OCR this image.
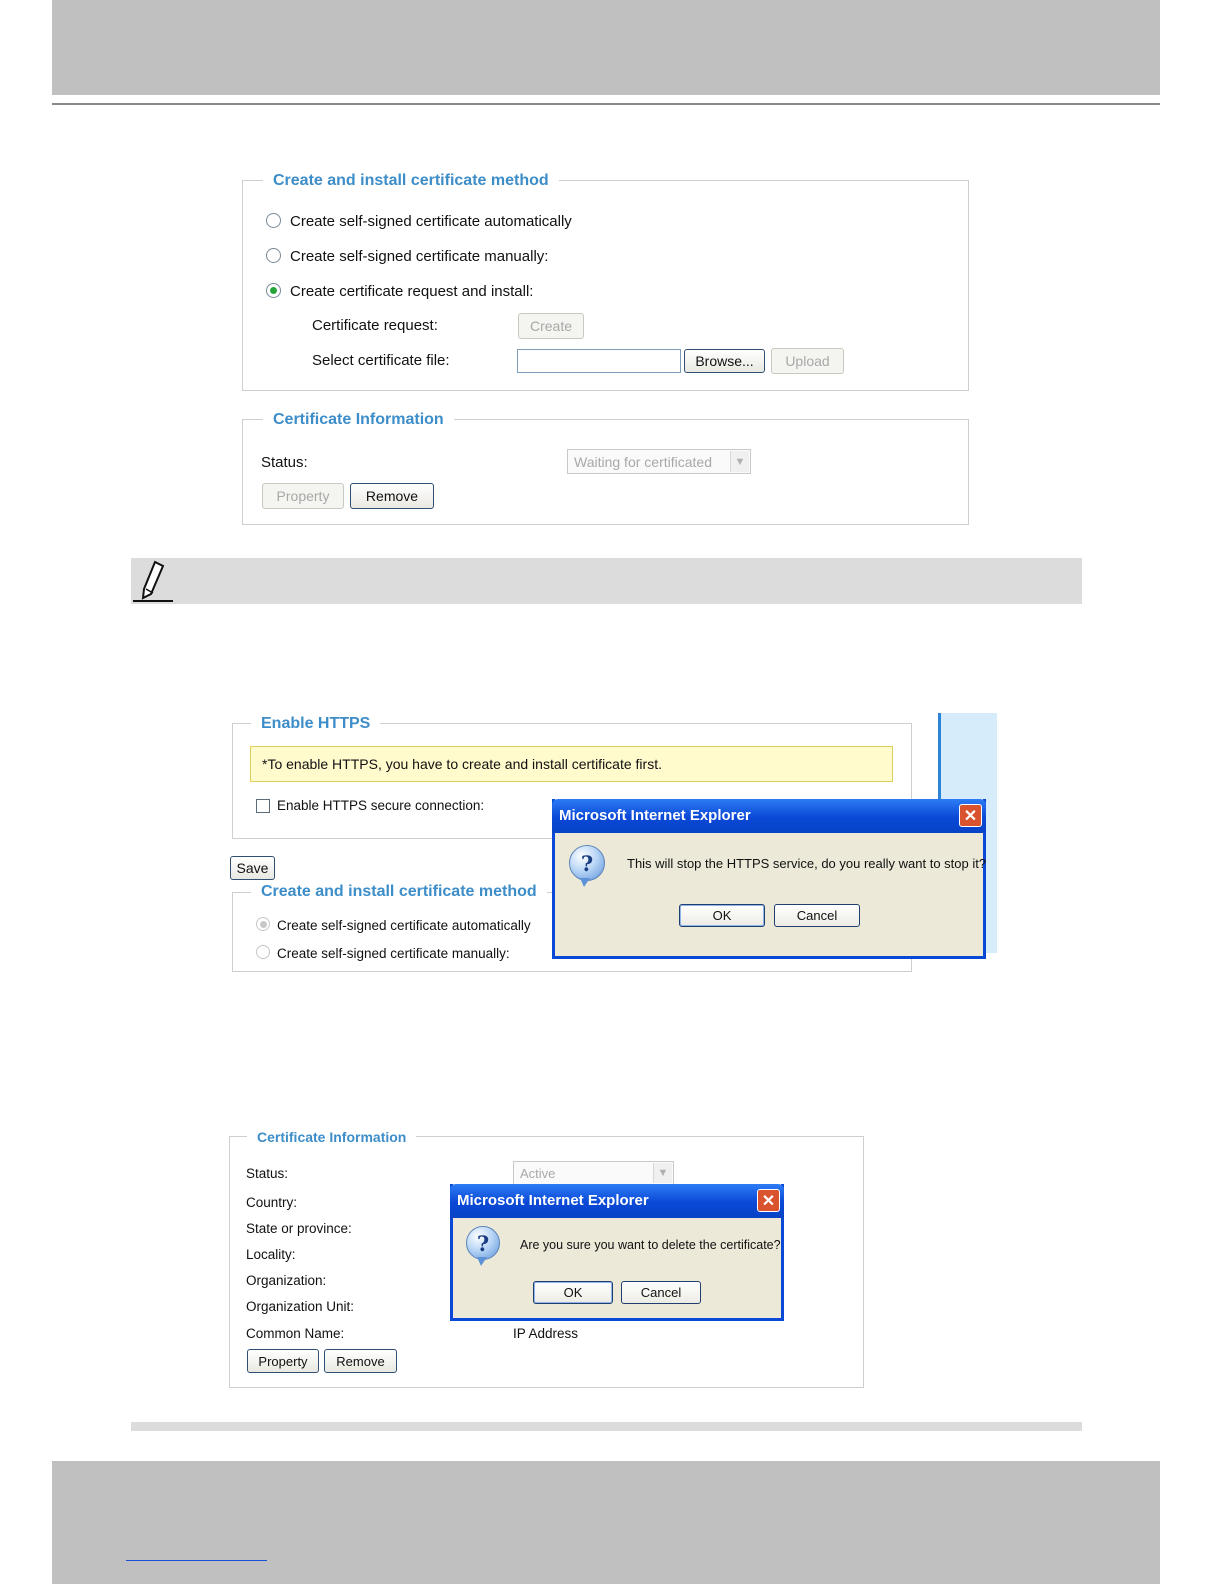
Create and install certificate method
Create self-signed certificate automatically
Create self-signed certificate manually:
Create certificate request and install:
Certificate request:	Create
Select certificate file:	Browse...	Upload
Certificate Information
Status:	Waiting for certificated	▼
Property	Remove
Enable HTTPS
*To enable HTTPS, you have to create and install certificate first.
Enable HTTPS secure connection:
Save
Create and install certificate method
Create self-signed certificate automatically
Create self-signed certificate manually:
Microsoft Internet Explorer	✕
?	This will stop the HTTPS service, do you really want to stop it?
OK	Cancel
Certificate Information
Status:	Active	▼
Country:
State or province:
Locality:
Organization:
Organization Unit:
Common Name:	IP Address
Property	Remove
Microsoft Internet Explorer	✕
?	Are you sure you want to delete the certificate?
OK	Cancel
